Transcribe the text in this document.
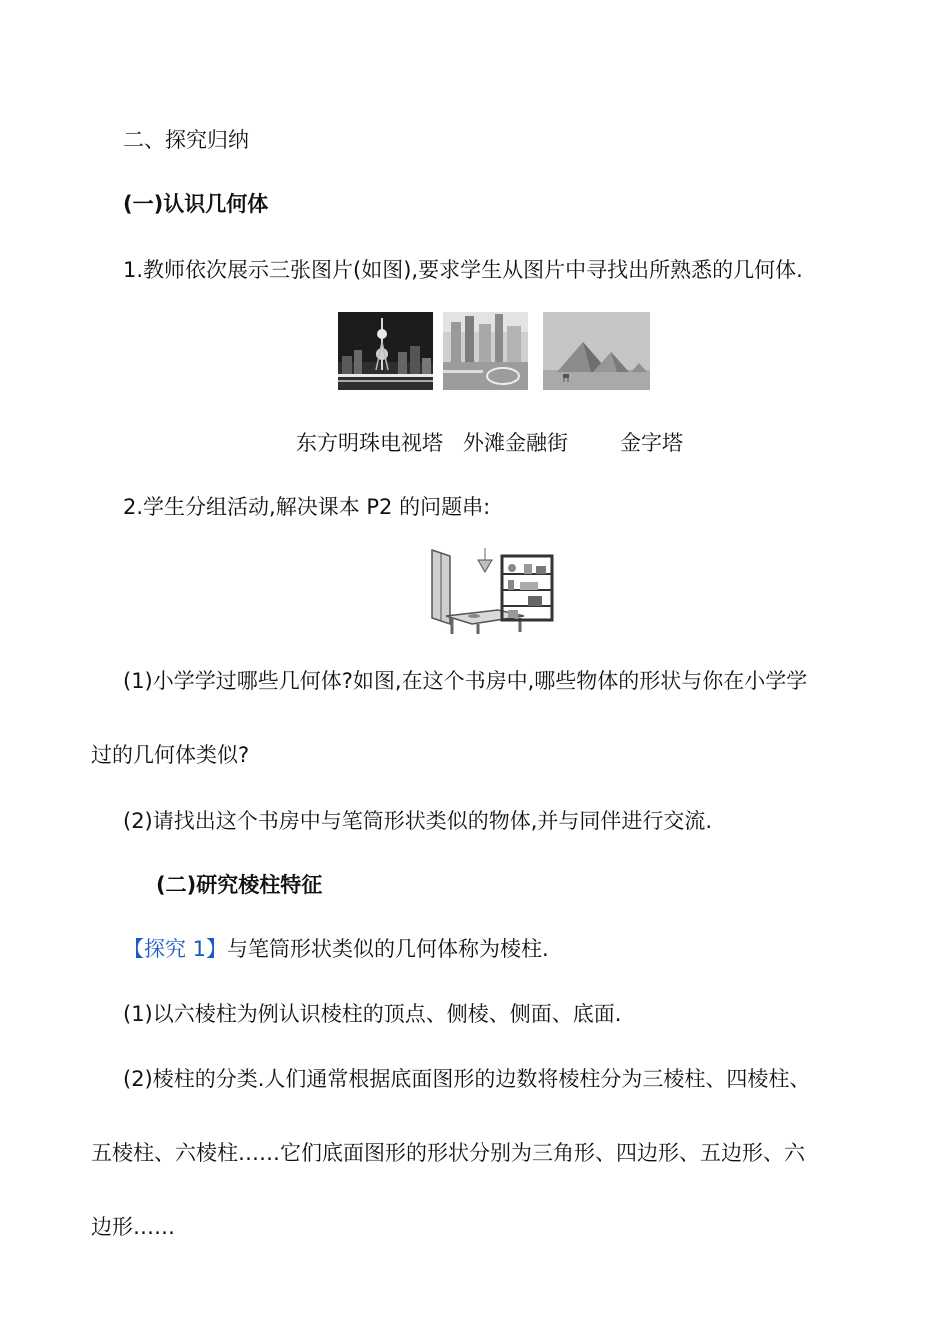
二、探究归纳
(一)认识几何体
1.教师依次展示三张图片(如图),要求学生从图片中寻找出所熟悉的几何体.
东方明珠电视塔 外滩金融街 金字塔
2.学生分组活动,解决课本 P2 的问题串:
(1)小学学过哪些几何体?如图,在这个书房中,哪些物体的形状与你在小学学
过的几何体类似?
(2)请找出这个书房中与笔筒形状类似的物体,并与同伴进行交流.
(二)研究棱柱特征
【探究 1】与笔筒形状类似的几何体称为棱柱.
(1)以六棱柱为例认识棱柱的顶点、侧棱、侧面、底面.
(2)棱柱的分类.人们通常根据底面图形的边数将棱柱分为三棱柱、四棱柱、
五棱柱、六棱柱……它们底面图形的形状分别为三角形、四边形、五边形、六
边形……
